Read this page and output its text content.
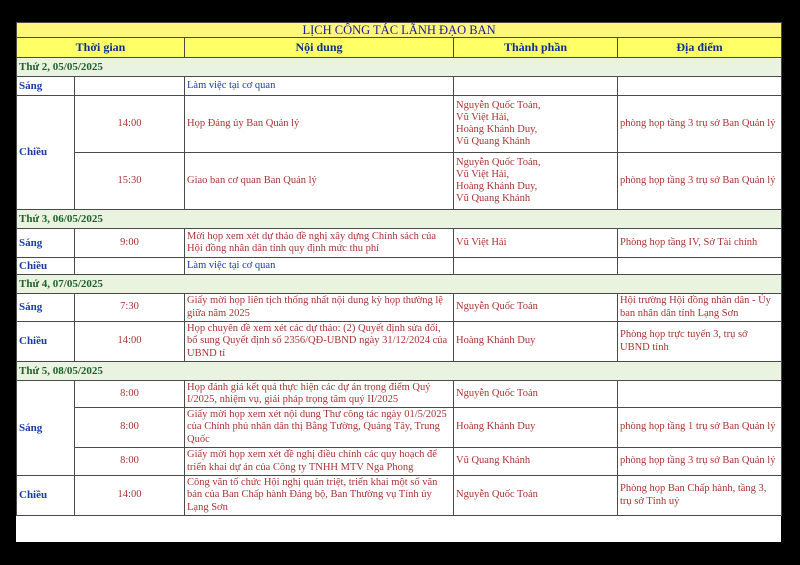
LỊCH CÔNG TÁC LÃNH ĐẠO BAN				
Thời gian		Nội dung	Thành phần	Địa điểm
Thứ 2, 05/05/2025				
Sáng		Làm việc tại cơ quan		
Chiều	14:00	Họp Đảng ủy Ban Quản lý	Nguyễn Quốc Toản,
Vũ Việt Hải,
Hoàng Khánh Duy,
Vũ Quang Khánh	phòng họp tầng 3 trụ sở Ban Quản lý
	15:30	Giao ban cơ quan Ban Quản lý	Nguyễn Quốc Toản,
Vũ Việt Hải,
Hoàng Khánh Duy,
Vũ Quang Khánh	phòng họp tầng 3 trụ sở Ban Quản lý
Thứ 3, 06/05/2025				
Sáng	9:00	Mời họp xem xét dự thảo đề nghị xây dựng Chính sách của Hội đồng nhân dân tỉnh quy định mức thu phí	Vũ Việt Hải	Phòng họp tầng IV, Sở Tài chính
Chiều		Làm việc tại cơ quan		
Thứ 4, 07/05/2025				
Sáng	7:30	Giấy mời họp liên tịch thống nhất nội dung kỳ họp thường lệ giữa năm 2025	Nguyễn Quốc Toản	Hội trường Hội đồng nhân dân - Ủy ban nhân dân tỉnh Lạng Sơn
Chiều	14:00	Họp chuyên đề xem xét các dự thảo: (2) Quyết định sửa đổi, bổ sung Quyết định số 2356/QĐ-UBND ngày 31/12/2024 của UBND tỉ	Hoàng Khánh Duy	Phòng họp trực tuyến 3, trụ sở UBND tỉnh
Thứ 5, 08/05/2025				
Sáng	8:00	Họp đánh giá kết quả thực hiện các dự án trọng điểm Quý I/2025, nhiệm vụ, giải pháp trọng tâm quý II/2025	Nguyễn Quốc Toản	
	8:00	Giấy mời họp xem xét nội dung Thư công tác ngày 01/5/2025 của Chính phủ nhân dân thị Bằng Tường, Quảng Tây, Trung Quốc	Hoàng Khánh Duy	phòng họp tầng 1 trụ sở Ban Quản lý
	8:00	Giấy mời họp xem xét đề nghị điều chỉnh các quy hoạch để triển khai dự án của Công ty TNHH MTV Nga Phong	Vũ Quang Khánh	phòng họp tầng 3 trụ sở Ban Quản lý
Chiều	14:00	Công văn tổ chức Hội nghị quán triệt, triển khai một số văn bản của Ban Chấp hành Đảng bộ, Ban Thường vụ Tỉnh ủy Lạng Sơn	Nguyễn Quốc Toản	Phòng họp Ban Chấp hành, tầng 3, trụ sở Tỉnh uỷ
